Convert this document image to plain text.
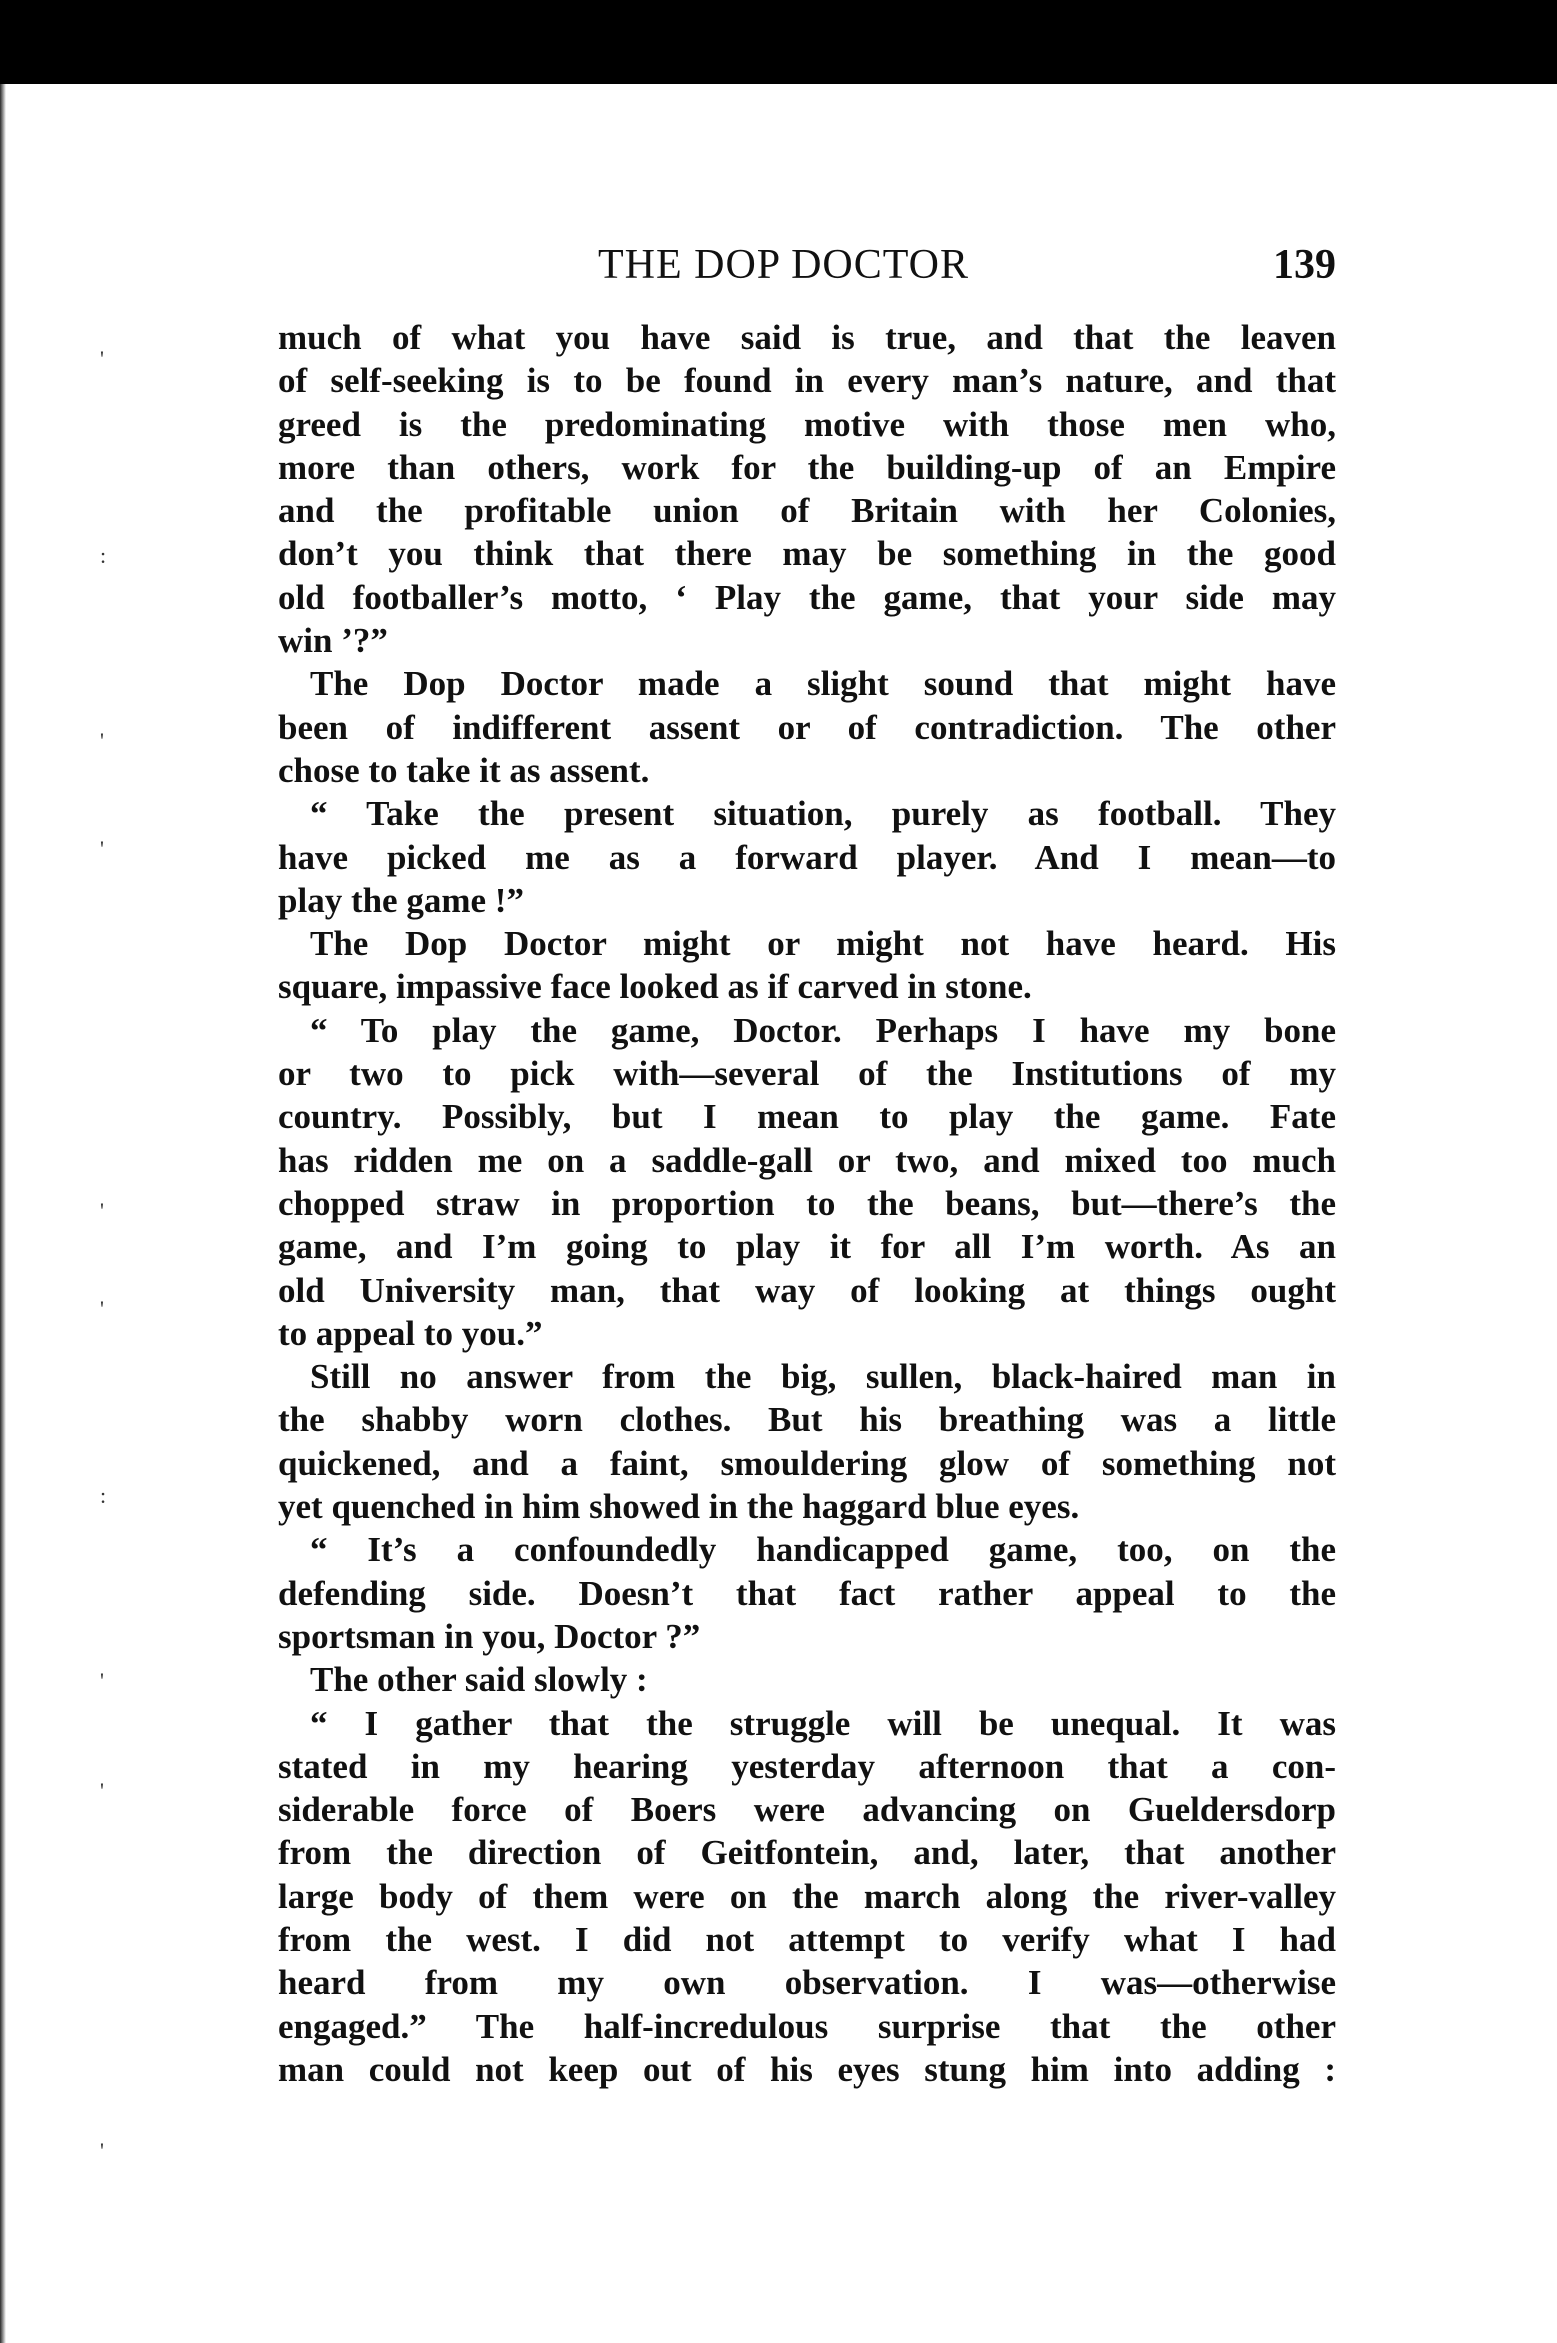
'
:
'
'
'
'
:
'
'
'
THE DOP DOCTOR	139
much of what you have said is true, and that the leaven
of self-seeking is to be found in every man’s nature, and that
greed is the predominating motive with those men who,
more than others, work for the building-up of an Empire
and the profitable union of Britain with her Colonies,
don’t you think that there may be something in the good
old footballer’s motto, ‘ Play the game, that your side may
win ’?”
The Dop Doctor made a slight sound that might have
been of indifferent assent or of contradiction. The other
chose to take it as assent.
“ Take the present situation, purely as football. They
have picked me as a forward player. And I mean—to
play the game !”
The Dop Doctor might or might not have heard. His
square, impassive face looked as if carved in stone.
“ To play the game, Doctor. Perhaps I have my bone
or two to pick with—several of the Institutions of my
country. Possibly, but I mean to play the game. Fate
has ridden me on a saddle-gall or two, and mixed too much
chopped straw in proportion to the beans, but—there’s the
game, and I’m going to play it for all I’m worth. As an
old University man, that way of looking at things ought
to appeal to you.”
Still no answer from the big, sullen, black-haired man in
the shabby worn clothes. But his breathing was a little
quickened, and a faint, smouldering glow of something not
yet quenched in him showed in the haggard blue eyes.
“ It’s a confoundedly handicapped game, too, on the
defending side. Doesn’t that fact rather appeal to the
sportsman in you, Doctor ?”
The other said slowly :
“ I gather that the struggle will be unequal. It was
stated in my hearing yesterday afternoon that a con-
siderable force of Boers were advancing on Gueldersdorp
from the direction of Geitfontein, and, later, that another
large body of them were on the march along the river-valley
from the west. I did not attempt to verify what I had
heard from my own observation. I was—otherwise
engaged.” The half-incredulous surprise that the other
man could not keep out of his eyes stung him into adding :
